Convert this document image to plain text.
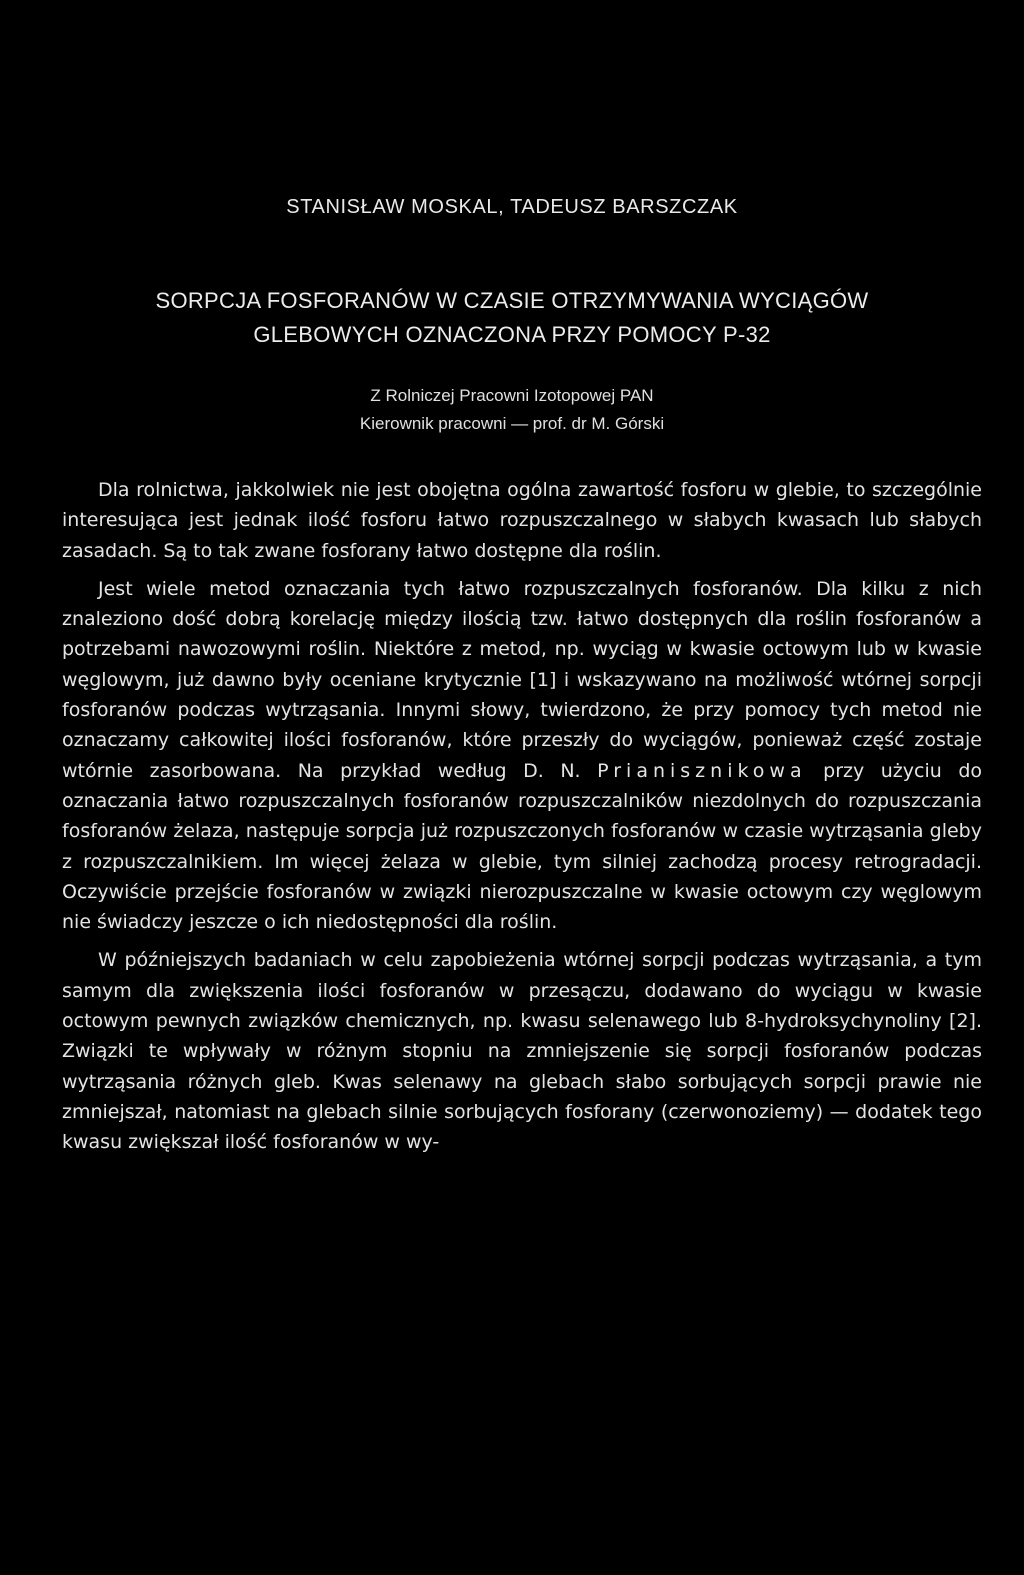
STANISŁAW MOSKAL, TADEUSZ BARSZCZAK
SORPCJA FOSFORANÓW W CZASIE OTRZYMYWANIA WYCIĄGÓW
GLEBOWYCH OZNACZONA PRZY POMOCY P-32
Z Rolniczej Pracowni Izotopowej PAN
Kierownik pracowni — prof. dr M. Górski

Dla rolnictwa, jakkolwiek nie jest obojętna ogólna zawartość fosforu w glebie, to szczególnie interesująca jest jednak ilość fosforu łatwo rozpuszczalnego w słabych kwasach lub słabych zasadach. Są to tak zwane fosforany łatwo dostępne dla roślin.

Jest wiele metod oznaczania tych łatwo rozpuszczalnych fosforanów. Dla kilku z nich znaleziono dość dobrą korelację między ilością tzw. łatwo dostępnych dla roślin fosforanów a potrzebami nawozowymi roślin. Niektóre z metod, np. wyciąg w kwasie octowym lub w kwasie węglowym, już dawno były oceniane krytycznie [1] i wskazywano na możliwość wtórnej sorpcji fosforanów podczas wytrząsania. Innymi słowy, twierdzono, że przy pomocy tych metod nie oznaczamy całkowitej ilości fosforanów, które przeszły do wyciągów, ponieważ część zostaje wtórnie zasorbowana. Na przykład według D. N. Prianisznikowa przy użyciu do oznaczania łatwo rozpuszczalnych fosforanów rozpuszczalników niezdolnych do rozpuszczania fosforanów żelaza, następuje sorpcja już rozpuszczonych fosforanów w czasie wytrząsania gleby z rozpuszczalnikiem. Im więcej żelaza w glebie, tym silniej zachodzą procesy retrogradacji. Oczywiście przejście fosforanów w związki nierozpuszczalne w kwasie octowym czy węglowym nie świadczy jeszcze o ich niedostępności dla roślin.

W późniejszych badaniach w celu zapobieżenia wtórnej sorpcji podczas wytrząsania, a tym samym dla zwiększenia ilości fosforanów w przesączu, dodawano do wyciągu w kwasie octowym pewnych związków chemicznych, np. kwasu selenawego lub 8-hydroksychynoliny [2]. Związki te wpływały w różnym stopniu na zmniejszenie się sorpcji fosforanów podczas wytrząsania różnych gleb. Kwas selenawy na glebach słabo sorbujących sorpcji prawie nie zmniejszał, natomiast na glebach silnie sorbujących fosforany (czerwonoziemy) — dodatek tego kwasu zwiększał ilość fosforanów w wy-
